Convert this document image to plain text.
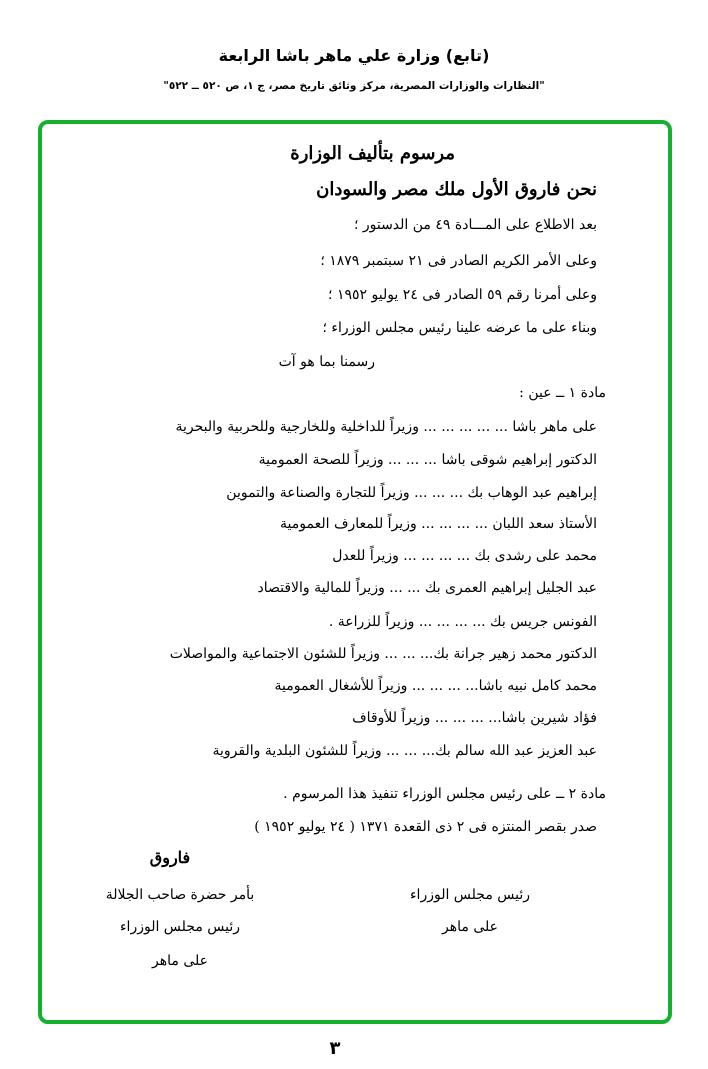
(تابع) وزارة علي ماهر باشا الرابعة
"النظارات والوزارات المصرية، مركز وثائق تاريخ مصر، ج ١، ص ٥٢٠ ــ ٥٢٢"
مرسوم بتأليف الوزارة
نحن فاروق الأول ملك مصر والسودان
بعد الاطلاع على المـــادة ٤٩ من الدستور ؛
وعلى الأمر الكريم الصادر فى ٢١ سبتمبر ١٨٧٩ ؛
وعلى أمرنا رقم ٥٩ الصادر فى ٢٤ يوليو ١٩٥٢ ؛
وبناء على ما عرضه علينا رئيس مجلس الوزراء ؛
رسمنا بما هو آت
مادة ١ ــ عين :
على ماهر باشا ... ... ... ... ... وزيراً للداخلية وللخارجية وللحربية والبحرية
الدكتور إبراهيم شوقى باشا ... ... ... وزيراً للصحة العمومية
إبراهيم عبد الوهاب بك ... ... ... وزيراً للتجارة والصناعة والتموين
الأستاذ سعد اللبان ... ... ... ... وزيراً للمعارف العمومية
محمد على رشدى بك ... ... ... ... وزيراً للعدل
عبد الجليل إبراهيم العمرى بك ... ... وزيراً للمالية والاقتصاد
الفونس جريس بك ... ... ... ... وزيراً للزراعة .
الدكتور محمد زهير جرانة بك... ... ... وزيراً للشئون الاجتماعية والمواصلات
محمد كامل نبيه باشا... ... ... ... وزيراً للأشغال العمومية
فؤاد شيرين باشا... ... ... ... وزيراً للأوقاف
عبد العزيز عبد الله سالم بك... ... ... وزيراً للشئون البلدية والقروية
مادة ٢ ــ على رئيس مجلس الوزراء تنفيذ هذا المرسوم .
صدر بقصر المنتزه فى ٢ ذى القعدة ١٣٧١ ( ٢٤ يوليو ١٩٥٢ )
فاروق
رئيس مجلس الوزراء
على ماهر
بأمر حضرة صاحب الجلالة
رئيس مجلس الوزراء
على ماهر
٣
